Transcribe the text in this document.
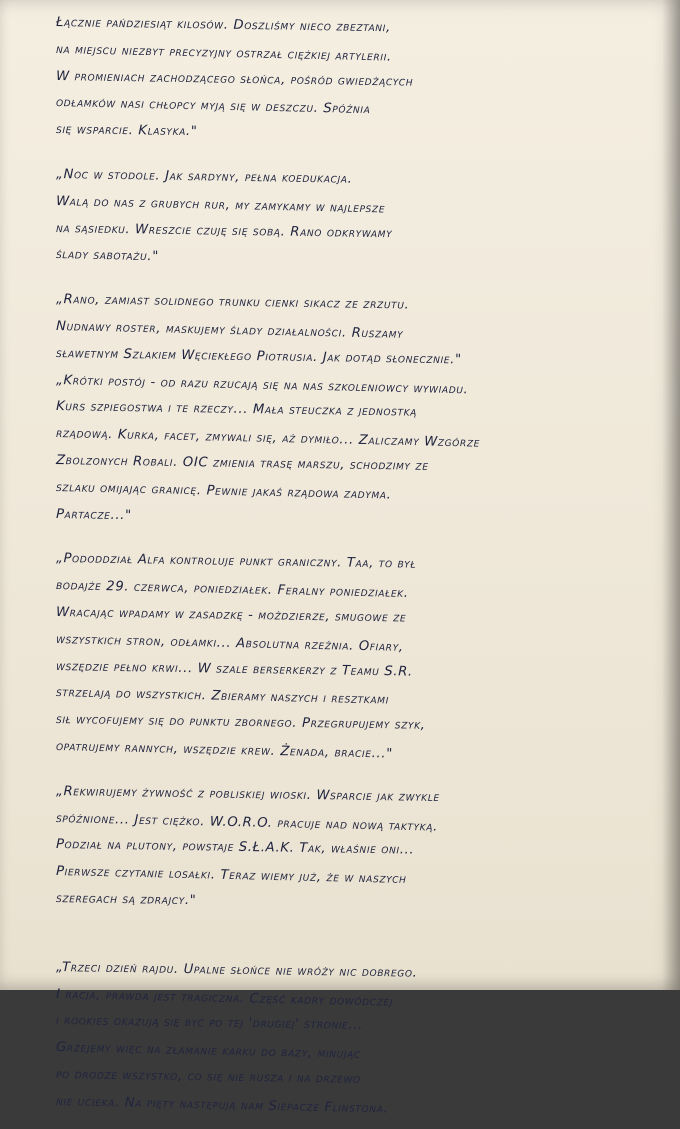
Łącznie pańdziesiąt kilosów. Doszliśmy nieco zbeztani,
na miejscu niezbyt precyzyjny ostrzał ciężkiej artylerii.
W promieniach zachodzącego słońca, pośród gwiedżących
odłamków nasi chłopcy myją się w deszczu. Spóźnia
się wsparcie. Klasyka."
„Noc w stodole. Jak sardyny, pełna koedukacja.
Walą do nas z grubych rur, my zamykamy w najlepsze
na sąsiedku. Wreszcie czuję się sobą. Rano odkrywamy
ślady sabotażu."
„Rano, zamiast solidnego trunku cienki sikacz ze zrzutu.
Nudnawy roster, maskujemy ślady działalności. Ruszamy
sławetnym Szlakiem Węciekłego Piotrusia. Jak dotąd słonecznie."
„Krótki postój - od razu rzucają się na nas szkoleniowcy wywiadu.
Kurs szpiegostwa i te rzeczy... Mała steuczka z jednostką
rządową. Kurka, facet, zmywali się, aż dymiło... Zaliczamy Wzgórze
Zbolzonych Robali. OIC zmienia trasę marszu, schodzimy ze
szlaku omijając granicę. Pewnie jakaś rządowa zadyma.
Partacze..."
„Pododdział Alfa kontroluje punkt graniczny. Taa, to był
bodajże 29. czerwca, poniedziałek. Feralny poniedziałek.
Wracając wpadamy w zasadzkę - moździerze, smugowe ze
wszystkich stron, odłamki... Absolutna rzeźnia. Ofiary,
wszędzie pełno krwi... W szale berserkerzy z Teamu S.R.
strzelają do wszystkich. Zbieramy naszych i resztkami
sił wycofujemy się do punktu zbornego. Przegrupujemy szyk,
opatrujemy rannych, wszędzie krew. Żenada, bracie..."
„Rekwirujemy żywność z pobliskiej wioski. Wsparcie jak zwykle
spóźnione... Jest ciężko. W.O.R.O. pracuje nad nową taktyką.
Podział na plutony, powstaje S.Ł.A.K. Tak, właśnie oni...
Pierwsze czytanie losałki. Teraz wiemy już, że w naszych
szeregach są zdrajcy."
„Trzeci dzień rajdu. Upalne słońce nie wróży nic dobrego.
I racja, prawda jest tragiczna. Część kadry dowódczej
i rookies okazują się być po tej 'drugiej' stronie...
Grzejemy więc na złamanie karku do bazy, minując
po drodze wszystko, co się nie rusza i na drzewo
nie ucieka. Na pięty następują nam Siepacze Flinstona.
